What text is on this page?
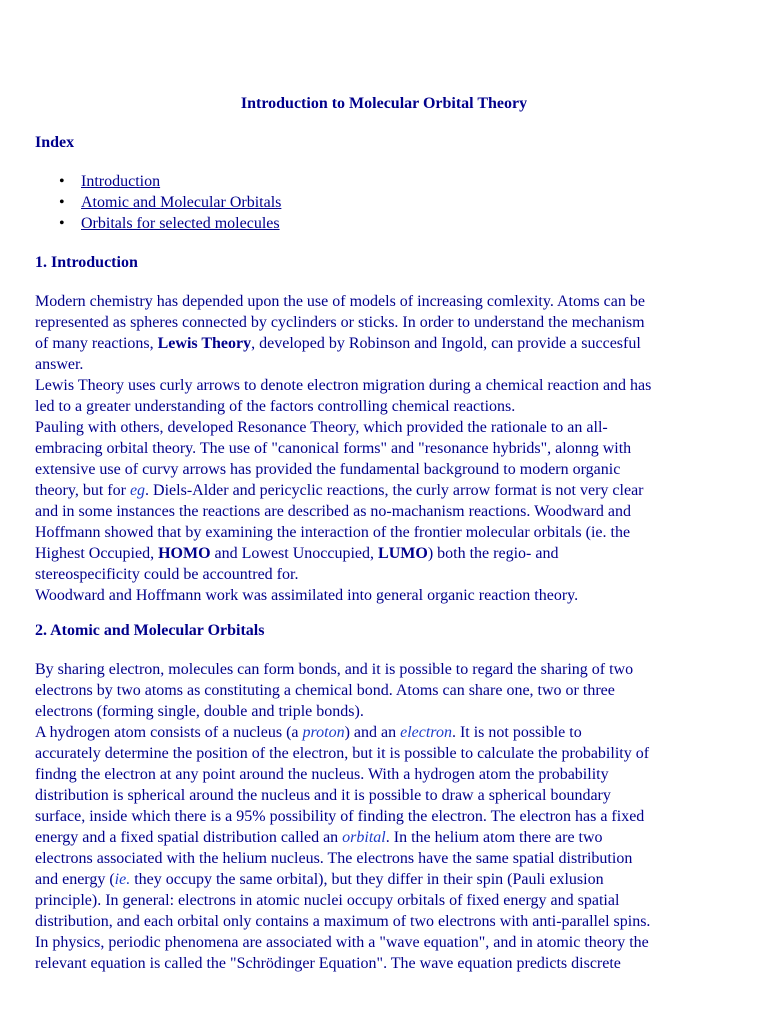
Introduction to Molecular Orbital Theory
Index
• Introduction
• Atomic and Molecular Orbitals
• Orbitals for selected molecules
1. Introduction

Modern chemistry has depended upon the use of models of increasing comlexity. Atoms can be
represented as spheres connected by cyclinders or sticks. In order to understand the mechanism
of many reactions, Lewis Theory, developed by Robinson and Ingold, can provide a succesful
answer.
Lewis Theory uses curly arrows to denote electron migration during a chemical reaction and has
led to a greater understanding of the factors controlling chemical reactions.
Pauling with others, developed Resonance Theory, which provided the rationale to an all-
embracing orbital theory. The use of "canonical forms" and "resonance hybrids", alonng with
extensive use of curvy arrows has provided the fundamental background to modern organic
theory, but for eg. Diels-Alder and pericyclic reactions, the curly arrow format is not very clear
and in some instances the reactions are described as no-machanism reactions. Woodward and
Hoffmann showed that by examining the interaction of the frontier molecular orbitals (ie. the
Highest Occupied, HOMO and Lowest Unoccupied, LUMO) both the regio- and
stereospecificity could be accountred for.
Woodward and Hoffmann work was assimilated into general organic reaction theory.

2. Atomic and Molecular Orbitals

By sharing electron, molecules can form bonds, and it is possible to regard the sharing of two
electrons by two atoms as constituting a chemical bond. Atoms can share one, two or three
electrons (forming single, double and triple bonds).
A hydrogen atom consists of a nucleus (a proton) and an electron. It is not possible to
accurately determine the position of the electron, but it is possible to calculate the probability of
findng the electron at any point around the nucleus. With a hydrogen atom the probability
distribution is spherical around the nucleus and it is possible to draw a spherical boundary
surface, inside which there is a 95% possibility of finding the electron. The electron has a fixed
energy and a fixed spatial distribution called an orbital. In the helium atom there are two
electrons associated with the helium nucleus. The electrons have the same spatial distribution
and energy (ie. they occupy the same orbital), but they differ in their spin (Pauli exlusion
principle). In general: electrons in atomic nuclei occupy orbitals of fixed energy and spatial
distribution, and each orbital only contains a maximum of two electrons with anti-parallel spins.
In physics, periodic phenomena are associated with a "wave equation", and in atomic theory the
relevant equation is called the "Schrödinger Equation". The wave equation predicts discrete
